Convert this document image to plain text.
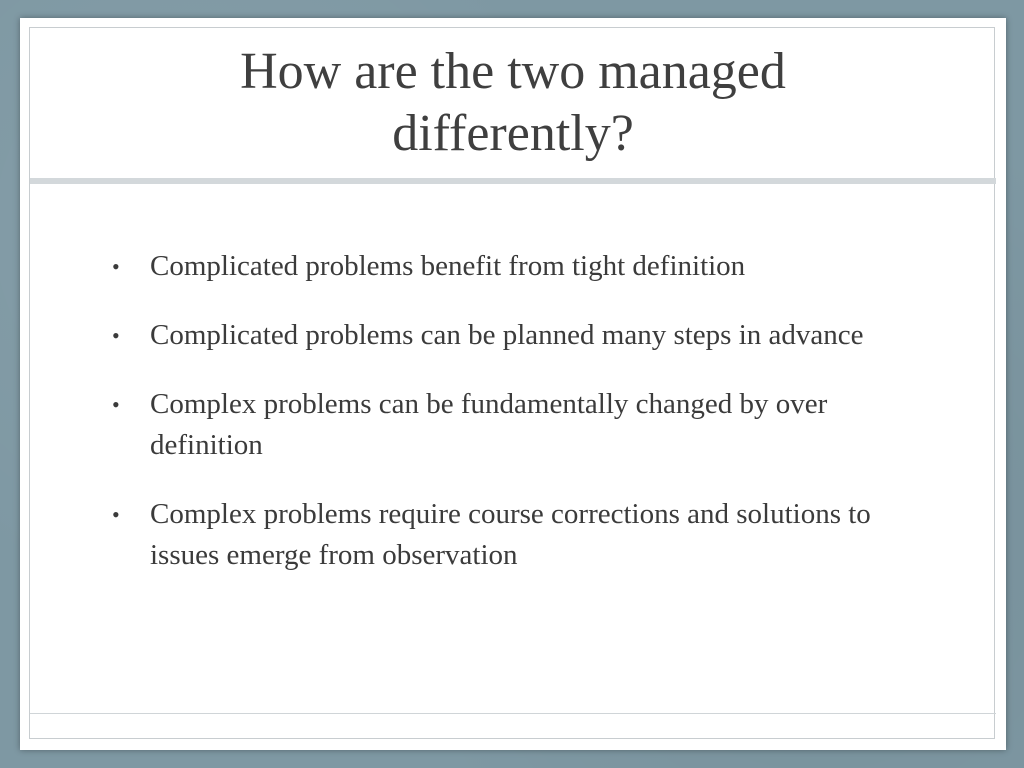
How are the two managed differently?
• Complicated problems benefit from tight definition
• Complicated problems can be planned many steps in advance
• Complex problems can be fundamentally changed by over definition
• Complex problems require course corrections and solutions to issues emerge from observation
